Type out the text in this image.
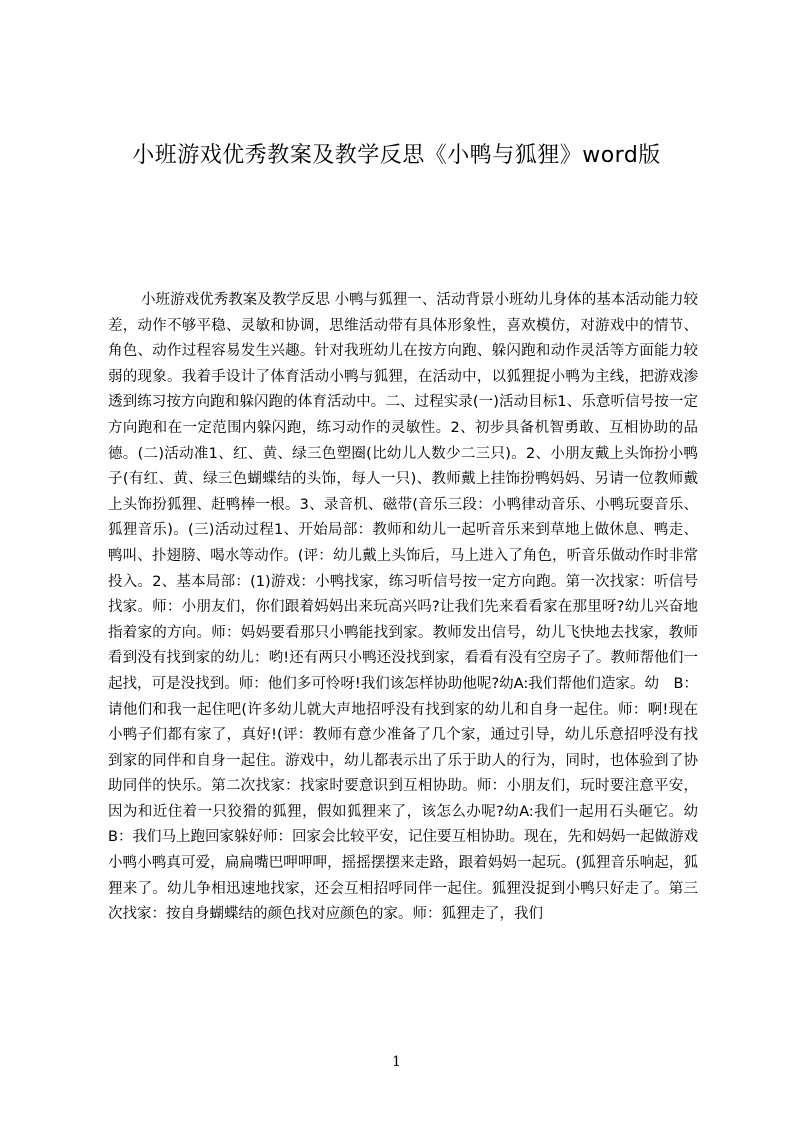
小班游戏优秀教案及教学反思《小鸭与狐狸》word版

小班游戏优秀教案及教学反思 小鸭与狐狸一、活动背景小班幼儿身体的基本活动能力较差，动作不够平稳、灵敏和协调，思维活动带有具体形象性，喜欢模仿，对游戏中的情节、角色、动作过程容易发生兴趣。针对我班幼儿在按方向跑、躲闪跑和动作灵活等方面能力较弱的现象。我着手设计了体育活动小鸭与狐狸，在活动中，以狐狸捉小鸭为主线，把游戏渗透到练习按方向跑和躲闪跑的体育活动中。二、过程实录(一)活动目标1、乐意听信号按一定方向跑和在一定范围内躲闪跑，练习动作的灵敏性。2、初步具备机智勇敢、互相协助的品德。(二)活动准1、红、黄、绿三色塑圈(比幼儿人数少二三只)。2、小朋友戴上头饰扮小鸭子(有红、黄、绿三色蝴蝶结的头饰，每人一只)、教师戴上挂饰扮鸭妈妈、另请一位教师戴上头饰扮狐狸、赶鸭棒一根。3、录音机、磁带(音乐三段：小鸭律动音乐、小鸭玩耍音乐、狐狸音乐)。(三)活动过程1、开始局部：教师和幼儿一起听音乐来到草地上做休息、鸭走、鸭叫、扑翅膀、喝水等动作。(评：幼儿戴上头饰后，马上进入了角色，听音乐做动作时非常投入。2、基本局部：(1)游戏：小鸭找家，练习听信号按一定方向跑。第一次找家：听信号找家。师：小朋友们，你们跟着妈妈出来玩高兴吗?让我们先来看看家在那里呀?幼儿兴奋地指着家的方向。师：妈妈要看那只小鸭能找到家。教师发出信号，幼儿飞快地去找家，教师看到没有找到家的幼儿：哟!还有两只小鸭还没找到家，看看有没有空房子了。教师帮他们一起找，可是没找到。师：他们多可怜呀!我们该怎样协助他呢?幼A:我们帮他们造家。幼　B：请他们和我一起住吧(许多幼儿就大声地招呼没有找到家的幼儿和自身一起住。师：啊!现在小鸭子们都有家了，真好!(评：教师有意少准备了几个家，通过引导，幼儿乐意招呼没有找到家的同伴和自身一起住。游戏中，幼儿都表示出了乐于助人的行为，同时，也体验到了协助同伴的快乐。第二次找家：找家时要意识到互相协助。师：小朋友们，玩时要注意平安，因为和近住着一只狡猾的狐狸，假如狐狸来了，该怎么办呢?幼A:我们一起用石头砸它。幼　B：我们马上跑回家躲好师：回家会比较平安，记住要互相协助。现在，先和妈妈一起做游戏小鸭小鸭真可爱，扁扁嘴巴呷呷呷，摇摇摆摆来走路，跟着妈妈一起玩。(狐狸音乐响起，狐狸来了。幼儿争相迅速地找家，还会互相招呼同伴一起住。狐狸没捉到小鸭只好走了。第三次找家：按自身蝴蝶结的颜色找对应颜色的家。师：狐狸走了，我们

1
